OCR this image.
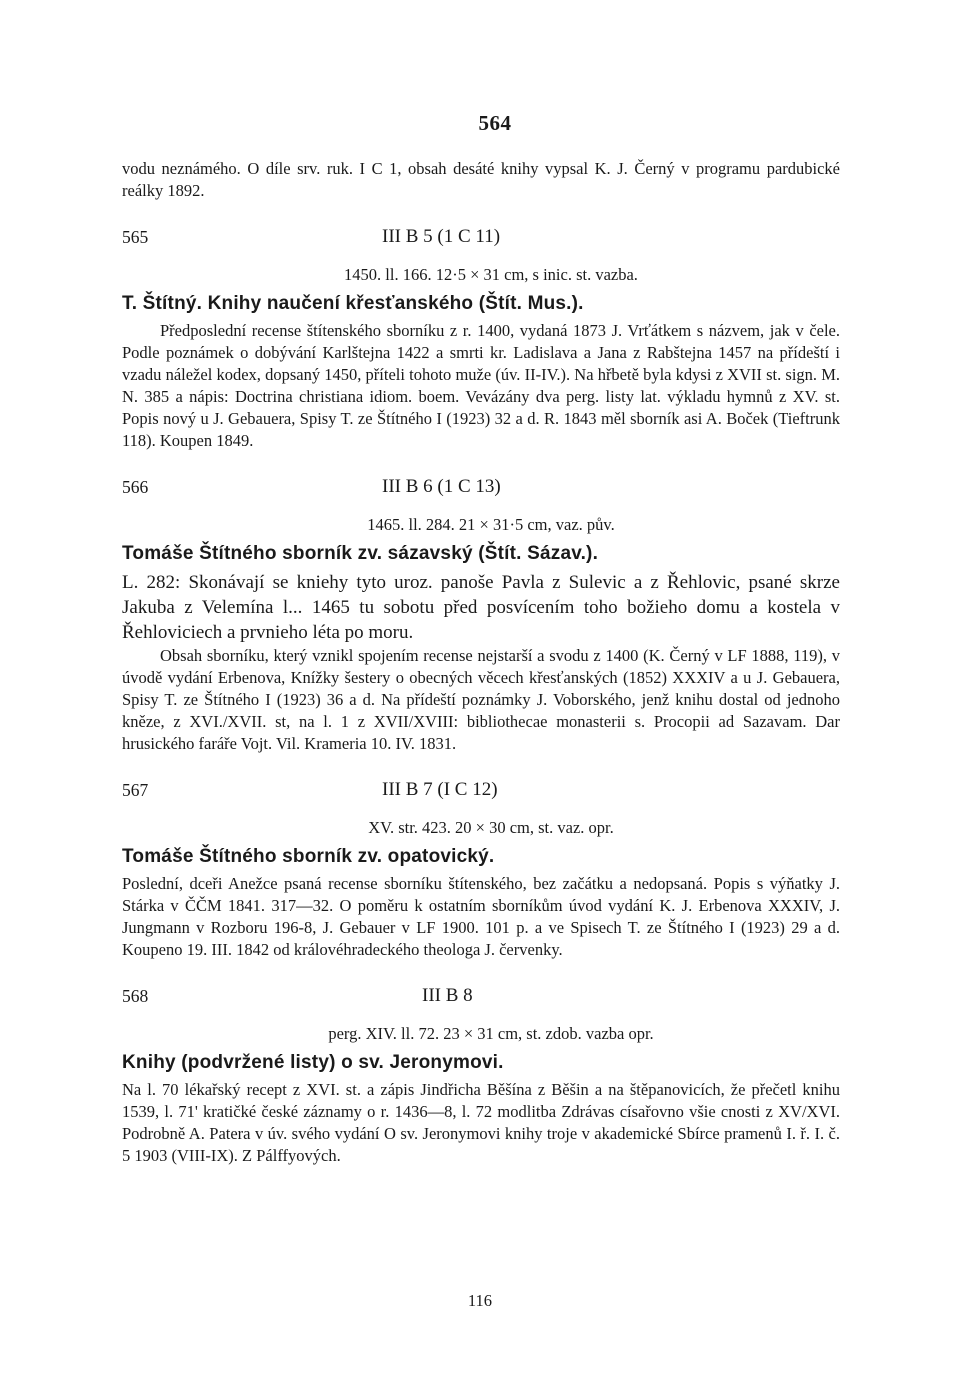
564

vodu neznámého. O díle srv. ruk. I C 1, obsah desáté knihy vypsal K. J. Černý v programu pardubické reálky 1892.

565	III B 5 (1 C 11)
1450. ll. 166. 12·5 × 31 cm, s inic. st. vazba.
T. Štítný. Knihy naučení křesťanského (Štít. Mus.).

Předposlední recense štítenského sborníku z r. 1400, vydaná 1873 J. Vrťátkem s názvem, jak v čele. Podle poznámek o dobývání Karlštejna 1422 a smrti kr. Ladislava a Jana z Rabštejna 1457 na přídeští i vzadu náležel kodex, dopsaný 1450, příteli tohoto muže (úv. II-IV.). Na hřbetě byla kdysi z XVII st. sign. M. N. 385 a nápis: Doctrina christiana idiom. boem. Vevázány dva perg. listy lat. výkladu hymnů z XV. st. Popis nový u J. Gebauera, Spisy T. ze Štítného I (1923) 32 a d. R. 1843 měl sborník asi A. Boček (Tieftrunk 118). Koupen 1849.

566	III B 6 (1 C 13)
1465. ll. 284. 21 × 31·5 cm, vaz. pův.
Tomáše Štítného sborník zv. sázavský (Štít. Sázav.).

L. 282: Skonávají se kniehy tyto uroz. panoše Pavla z Sulevic a z Řehlovic, psané skrze Jakuba z Velemína l... 1465 tu sobotu před posvícením toho božieho domu a kostela v Řehloviciech a prvnieho léta po moru.

Obsah sborníku, který vznikl spojením recense nejstarší a svodu z 1400 (K. Černý v LF 1888, 119), v úvodě vydání Erbenova, Knížky šestery o obecných věcech křesťanských (1852) XXXIV a u J. Gebauera, Spisy T. ze Štítného I (1923) 36 a d. Na přídeští poznámky J. Voborského, jenž knihu dostal od jednoho kněze, z XVI./XVII. st, na l. 1 z XVII/XVIII: bibliothecae monasterii s. Procopii ad Sazavam. Dar hrusického faráře Vojt. Vil. Krameria 10. IV. 1831.

567	III B 7 (I C 12)
XV. str. 423. 20 × 30 cm, st. vaz. opr.
Tomáše Štítného sborník zv. opatovický.

Poslední, dceři Anežce psaná recense sborníku štítenského, bez začátku a nedopsaná. Popis s výňatky J. Stárka v ČČM 1841. 317—32. O poměru k ostatním sborníkům úvod vydání K. J. Erbenova XXXIV, J. Jungmann v Rozboru 196-8, J. Gebauer v LF 1900. 101 p. a ve Spisech T. ze Štítného I (1923) 29 a d. Koupeno 19. III. 1842 od královéhradeckého theologa J. červenky.

568	III B 8
perg. XIV. ll. 72. 23 × 31 cm, st. zdob. vazba opr.
Knihy (podvržené listy) o sv. Jeronymovi.

Na l. 70 lékařský recept z XVI. st. a zápis Jindřicha Běšína z Běšin a na štěpanovicích, že přečetl knihu 1539, l. 71' kratičké české záznamy o r. 1436—8, l. 72 modlitba Zdrávas císařovno všie cnosti z XV/XVI. Podrobně A. Patera v úv. svého vydání O sv. Jeronymovi knihy troje v akademické Sbírce pramenů I. ř. I. č. 5 1903 (VIII-IX). Z Pálffyových.

116
